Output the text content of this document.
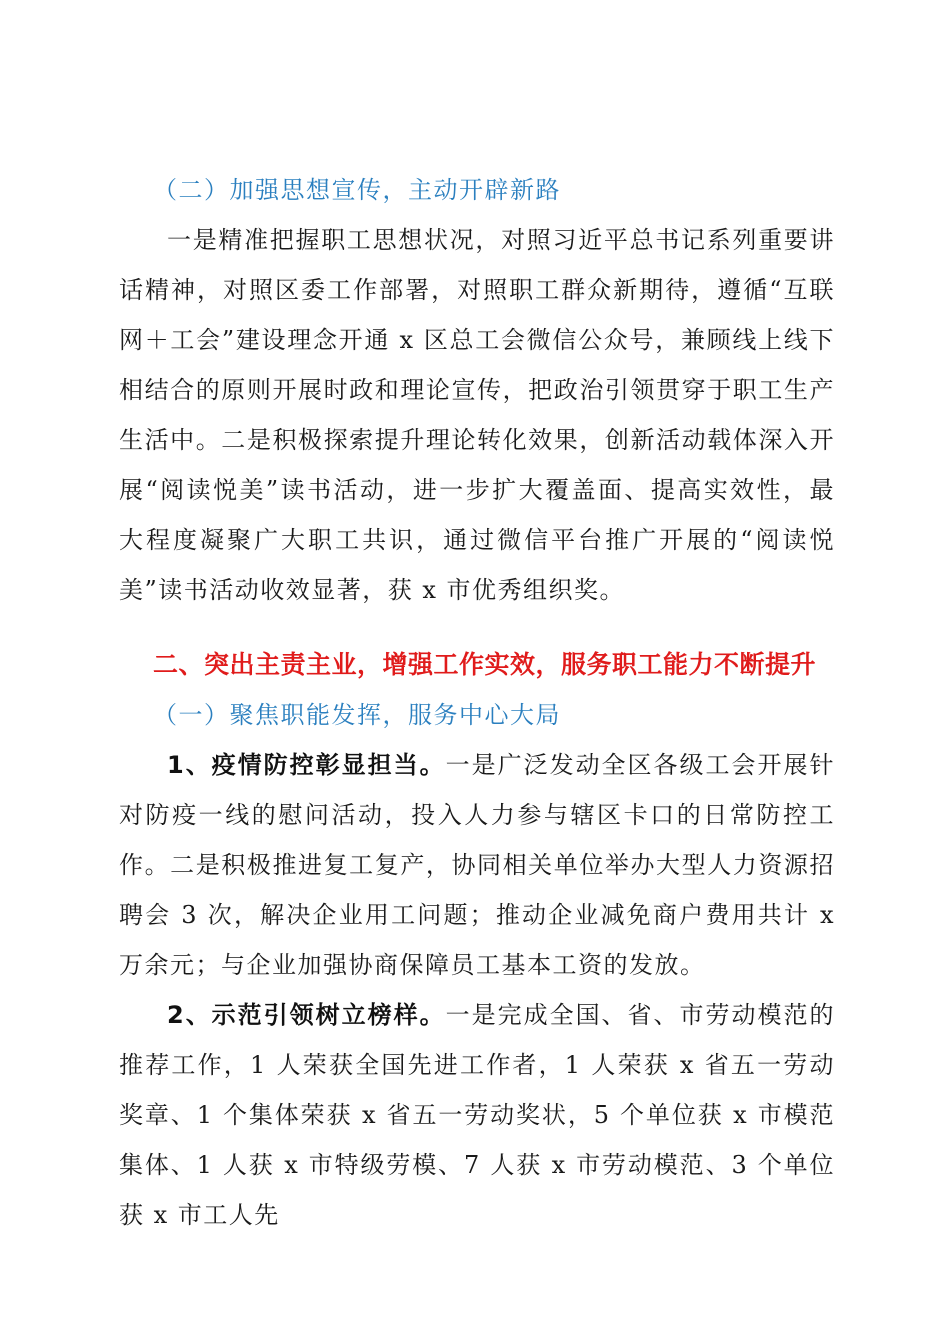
（二）加强思想宣传，主动开辟新路

一是精准把握职工思想状况，对照习近平总书记系列重要讲话精神，对照区委工作部署，对照职工群众新期待，遵循“互联网＋工会”建设理念开通 x 区总工会微信公众号，兼顾线上线下相结合的原则开展时政和理论宣传，把政治引领贯穿于职工生产生活中。二是积极探索提升理论转化效果，创新活动载体深入开展“阅读悦美”读书活动，进一步扩大覆盖面、提高实效性，最大程度凝聚广大职工共识，通过微信平台推广开展的“阅读悦美”读书活动收效显著，获 x 市优秀组织奖。

二、突出主责主业，增强工作实效，服务职工能力不断提升

（一）聚焦职能发挥，服务中心大局

1、疫情防控彰显担当。一是广泛发动全区各级工会开展针对防疫一线的慰问活动，投入人力参与辖区卡口的日常防控工作。二是积极推进复工复产，协同相关单位举办大型人力资源招聘会 3 次，解决企业用工问题；推动企业减免商户费用共计 x 万余元；与企业加强协商保障员工基本工资的发放。

2、示范引领树立榜样。一是完成全国、省、市劳动模范的推荐工作，1 人荣获全国先进工作者，1 人荣获 x 省五一劳动奖章、1 个集体荣获 x 省五一劳动奖状，5 个单位获 x 市模范集体、1 人获 x 市特级劳模、7 人获 x 市劳动模范、3 个单位获 x 市工人先
